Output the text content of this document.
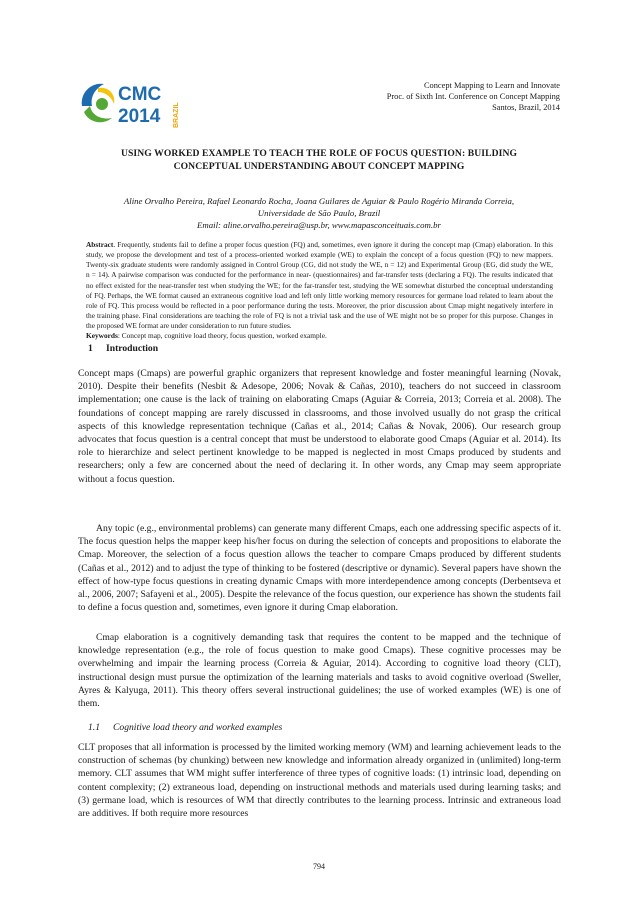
CMC
2014 BRAZIL
Concept Mapping to Learn and Innovate
Proc. of Sixth Int. Conference on Concept Mapping
Santos, Brazil, 2014
USING WORKED EXAMPLE TO TEACH THE ROLE OF FOCUS QUESTION: BUILDING
CONCEPTUAL UNDERSTANDING ABOUT CONCEPT MAPPING
Aline Orvalho Pereira, Rafael Leonardo Rocha, Joana Guilares de Aguiar & Paulo Rogério Miranda Correia,
Universidade de São Paulo, Brazil
Email: aline.orvalho.pereira@usp.br, www.mapasconceituais.com.br
Abstract. Frequently, students fail to define a proper focus question (FQ) and, sometimes, even ignore it during the concept map (Cmap) elaboration. In this study, we propose the development and test of a process-oriented worked example (WE) to explain the concept of a focus question (FQ) to new mappers. Twenty-six graduate students were randomly assigned in Control Group (CG, did not study the WE, n = 12) and Experimental Group (EG, did study the WE, n = 14). A pairwise comparison was conducted for the performance in near- (questionnaires) and far-transfer tests (declaring a FQ). The results indicated that no effect existed for the near-transfer test when studying the WE; for the far-transfer test, studying the WE somewhat disturbed the conceptual understanding of FQ. Perhaps, the WE format caused an extraneous cognitive load and left only little working memory resources for germane load related to learn about the role of FQ. This process would be reflected in a poor performance during the tests. Moreover, the prior discussion about Cmap might negatively interfere in the training phase. Final considerations are teaching the role of FQ is not a trivial task and the use of WE might not be so proper for this purpose. Changes in the proposed WE format are under consideration to run future studies.
Keywords: Concept map, cognitive load theory, focus question, worked example.
1 Introduction
Concept maps (Cmaps) are powerful graphic organizers that represent knowledge and foster meaningful learning (Novak, 2010). Despite their benefits (Nesbit & Adesope, 2006; Novak & Cañas, 2010), teachers do not succeed in classroom implementation; one cause is the lack of training on elaborating Cmaps (Aguiar & Correia, 2013; Correia et al. 2008). The foundations of concept mapping are rarely discussed in classrooms, and those involved usually do not grasp the critical aspects of this knowledge representation technique (Cañas et al., 2014; Cañas & Novak, 2006). Our research group advocates that focus question is a central concept that must be understood to elaborate good Cmaps (Aguiar et al. 2014). Its role to hierarchize and select pertinent knowledge to be mapped is neglected in most Cmaps produced by students and researchers; only a few are concerned about the need of declaring it. In other words, any Cmap may seem appropriate without a focus question.
Any topic (e.g., environmental problems) can generate many different Cmaps, each one addressing specific aspects of it. The focus question helps the mapper keep his/her focus on during the selection of concepts and propositions to elaborate the Cmap. Moreover, the selection of a focus question allows the teacher to compare Cmaps produced by different students (Cañas et al., 2012) and to adjust the type of thinking to be fostered (descriptive or dynamic). Several papers have shown the effect of how-type focus questions in creating dynamic Cmaps with more interdependence among concepts (Derbentseva et al., 2006, 2007; Safayeni et al., 2005). Despite the relevance of the focus question, our experience has shown the students fail to define a focus question and, sometimes, even ignore it during Cmap elaboration.
Cmap elaboration is a cognitively demanding task that requires the content to be mapped and the technique of knowledge representation (e.g., the role of focus question to make good Cmaps). These cognitive processes may be overwhelming and impair the learning process (Correia & Aguiar, 2014). According to cognitive load theory (CLT), instructional design must pursue the optimization of the learning materials and tasks to avoid cognitive overload (Sweller, Ayres & Kalyuga, 2011). This theory offers several instructional guidelines; the use of worked examples (WE) is one of them.
1.1 Cognitive load theory and worked examples
CLT proposes that all information is processed by the limited working memory (WM) and learning achievement leads to the construction of schemas (by chunking) between new knowledge and information already organized in (unlimited) long-term memory. CLT assumes that WM might suffer interference of three types of cognitive loads: (1) intrinsic load, depending on content complexity; (2) extraneous load, depending on instructional methods and materials used during learning tasks; and (3) germane load, which is resources of WM that directly contributes to the learning process. Intrinsic and extraneous load are additives. If both require more resources
794
